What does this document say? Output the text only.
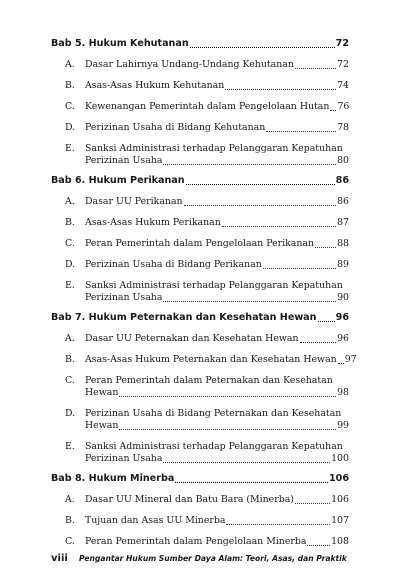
Bab 5. Hukum Kehutanan	72
A.	Dasar Lahirnya Undang-Undang Kehutanan	72
B.	Asas-Asas Hukum Kehutanan	74
C.	Kewenangan Pemerintah dalam Pengelolaan Hutan 76
D.	Perizinan Usaha di Bidang Kehutanan	78
E.	Sanksi Administrasi terhadap Pelanggaran Kepatuhan
Perizinan Usaha	80
Bab 6. Hukum Perikanan	86
A.	Dasar UU Perikanan	86
B.	Asas-Asas Hukum Perikanan	87
C.	Peran Pemerintah dalam Pengelolaan Perikanan 88
D.	Perizinan Usaha di Bidang Perikanan	89
E.	Sanksi Administrasi terhadap Pelanggaran Kepatuhan
Perizinan Usaha	90
Bab 7. Hukum Peternakan dan Kesehatan Hewan 96
A.	Dasar UU Peternakan dan Kesehatan Hewan	96
B.	Asas-Asas Hukum Peternakan dan Kesehatan Hewan 97
C.	Peran Pemerintah dalam Peternakan dan Kesehatan
Hewan	98
D.	Perizinan Usaha di Bidang Peternakan dan Kesehatan
Hewan	99
E.	Sanksi Administrasi terhadap Pelanggaran Kepatuhan
Perizinan Usaha	100
Bab 8. Hukum Minerba	106
A.	Dasar UU Mineral dan Batu Bara (Minerba)	106
B.	Tujuan dan Asas UU Minerba	107
C.	Peran Pemerintah dalam Pengelolaan Minerba	108
viii	Pengantar Hukum Sumber Daya Alam: Teori, Asas, dan Praktik
